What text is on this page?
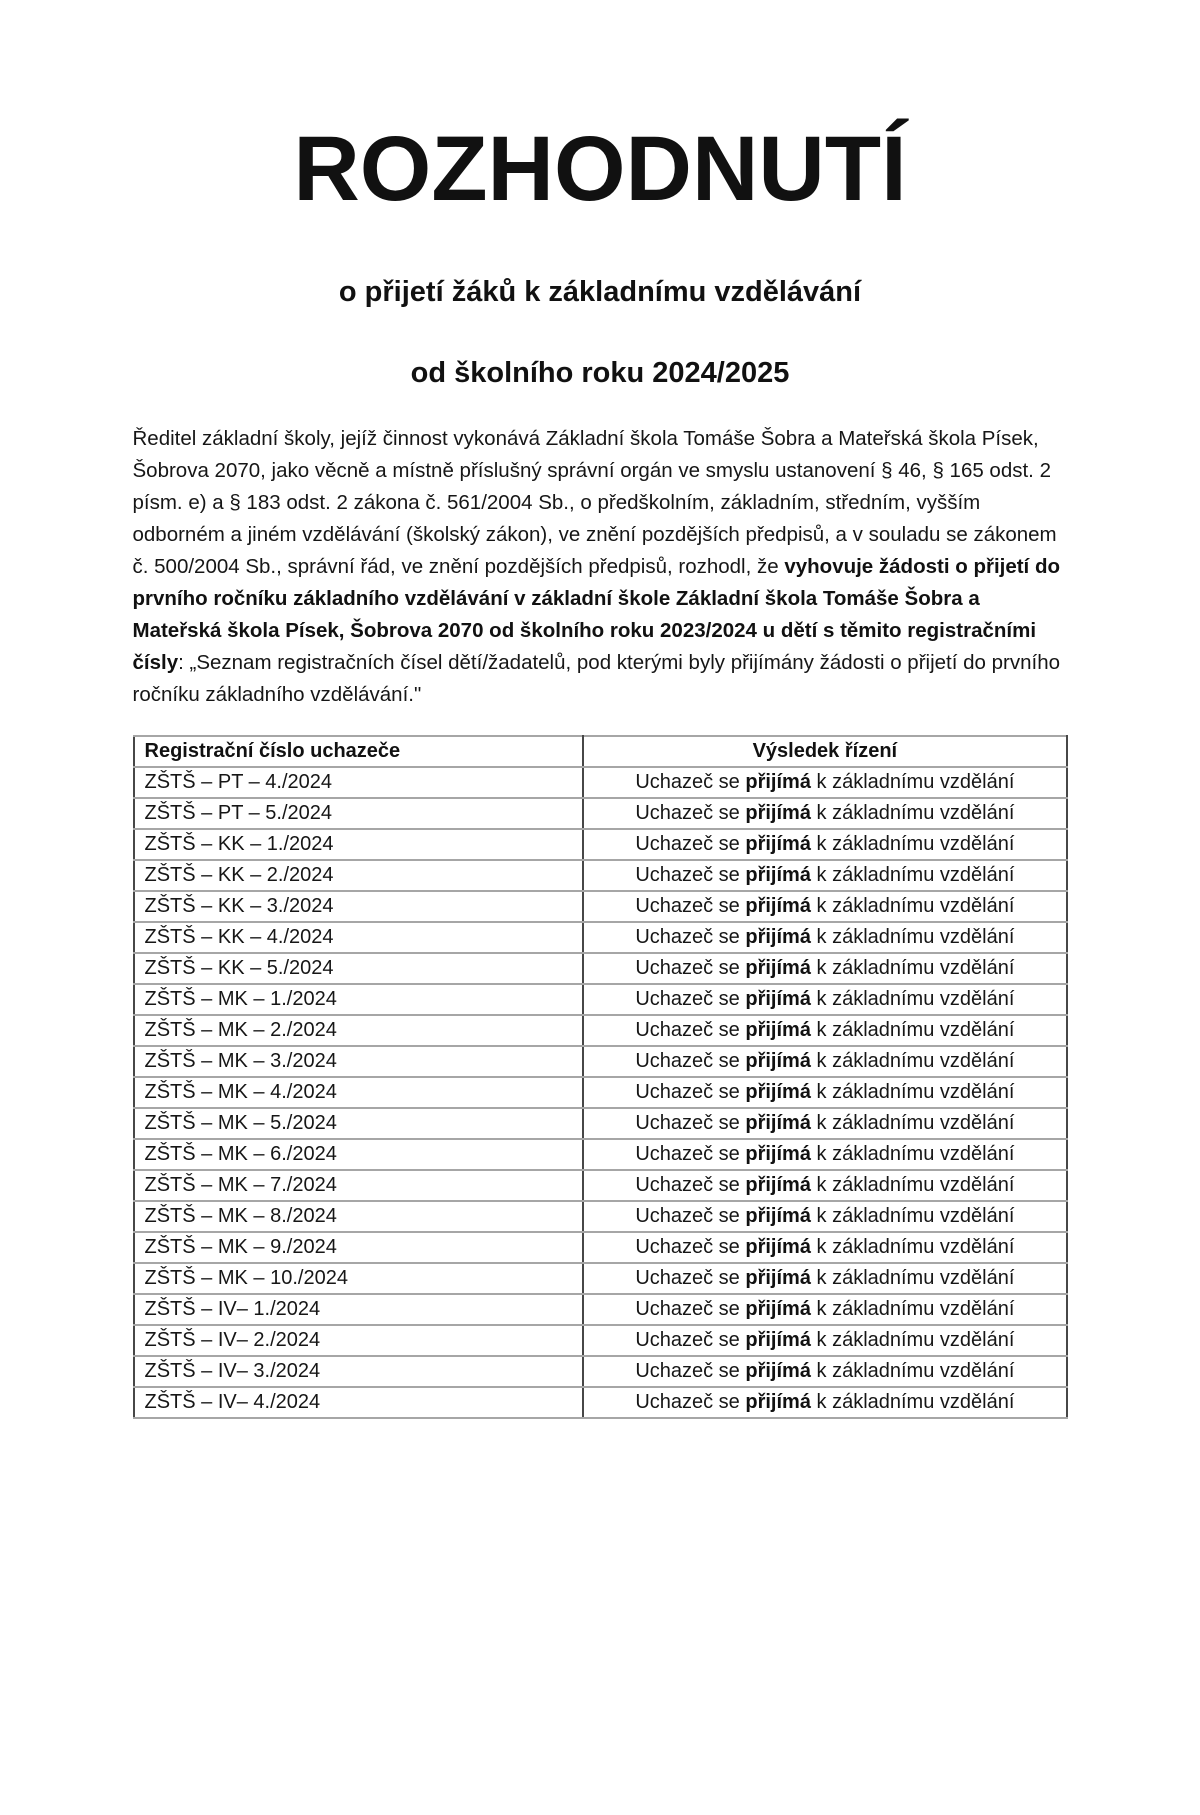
ROZHODNUTÍ
o přijetí žáků k základnímu vzdělávání
od školního roku 2024/2025

Ředitel základní školy, jejíž činnost vykonává Základní škola Tomáše Šobra a Mateřská škola Písek, Šobrova 2070, jako věcně a místně příslušný správní orgán ve smyslu ustanovení § 46, § 165 odst. 2 písm. e) a § 183 odst. 2 zákona č. 561/2004 Sb., o předškolním, základním, středním, vyšším odborném a jiném vzdělávání (školský zákon), ve znění pozdějších předpisů, a v souladu se zákonem č. 500/2004 Sb., správní řád, ve znění pozdějších předpisů, rozhodl, že vyhovuje žádosti o přijetí do prvního ročníku základního vzdělávání v základní škole Základní škola Tomáše Šobra a Mateřská škola Písek, Šobrova 2070 od školního roku 2023/2024 u dětí s těmito registračními čísly: „Seznam registračních čísel dětí/žadatelů, pod kterými byly přijímány žádosti o přijetí do prvního ročníku základního vzdělávání."

Registrační číslo uchazeče	Výsledek řízení
ZŠTŠ – PT – 4./2024	Uchazeč se přijímá k základnímu vzdělání
ZŠTŠ – PT – 5./2024	Uchazeč se přijímá k základnímu vzdělání
ZŠTŠ – KK – 1./2024	Uchazeč se přijímá k základnímu vzdělání
ZŠTŠ – KK – 2./2024	Uchazeč se přijímá k základnímu vzdělání
ZŠTŠ – KK – 3./2024	Uchazeč se přijímá k základnímu vzdělání
ZŠTŠ – KK – 4./2024	Uchazeč se přijímá k základnímu vzdělání
ZŠTŠ – KK – 5./2024	Uchazeč se přijímá k základnímu vzdělání
ZŠTŠ – MK – 1./2024	Uchazeč se přijímá k základnímu vzdělání
ZŠTŠ – MK – 2./2024	Uchazeč se přijímá k základnímu vzdělání
ZŠTŠ – MK – 3./2024	Uchazeč se přijímá k základnímu vzdělání
ZŠTŠ – MK – 4./2024	Uchazeč se přijímá k základnímu vzdělání
ZŠTŠ – MK – 5./2024	Uchazeč se přijímá k základnímu vzdělání
ZŠTŠ – MK – 6./2024	Uchazeč se přijímá k základnímu vzdělání
ZŠTŠ – MK – 7./2024	Uchazeč se přijímá k základnímu vzdělání
ZŠTŠ – MK – 8./2024	Uchazeč se přijímá k základnímu vzdělání
ZŠTŠ – MK – 9./2024	Uchazeč se přijímá k základnímu vzdělání
ZŠTŠ – MK – 10./2024	Uchazeč se přijímá k základnímu vzdělání
ZŠTŠ – IV– 1./2024	Uchazeč se přijímá k základnímu vzdělání
ZŠTŠ – IV– 2./2024	Uchazeč se přijímá k základnímu vzdělání
ZŠTŠ – IV– 3./2024	Uchazeč se přijímá k základnímu vzdělání
ZŠTŠ – IV– 4./2024	Uchazeč se přijímá k základnímu vzdělání
